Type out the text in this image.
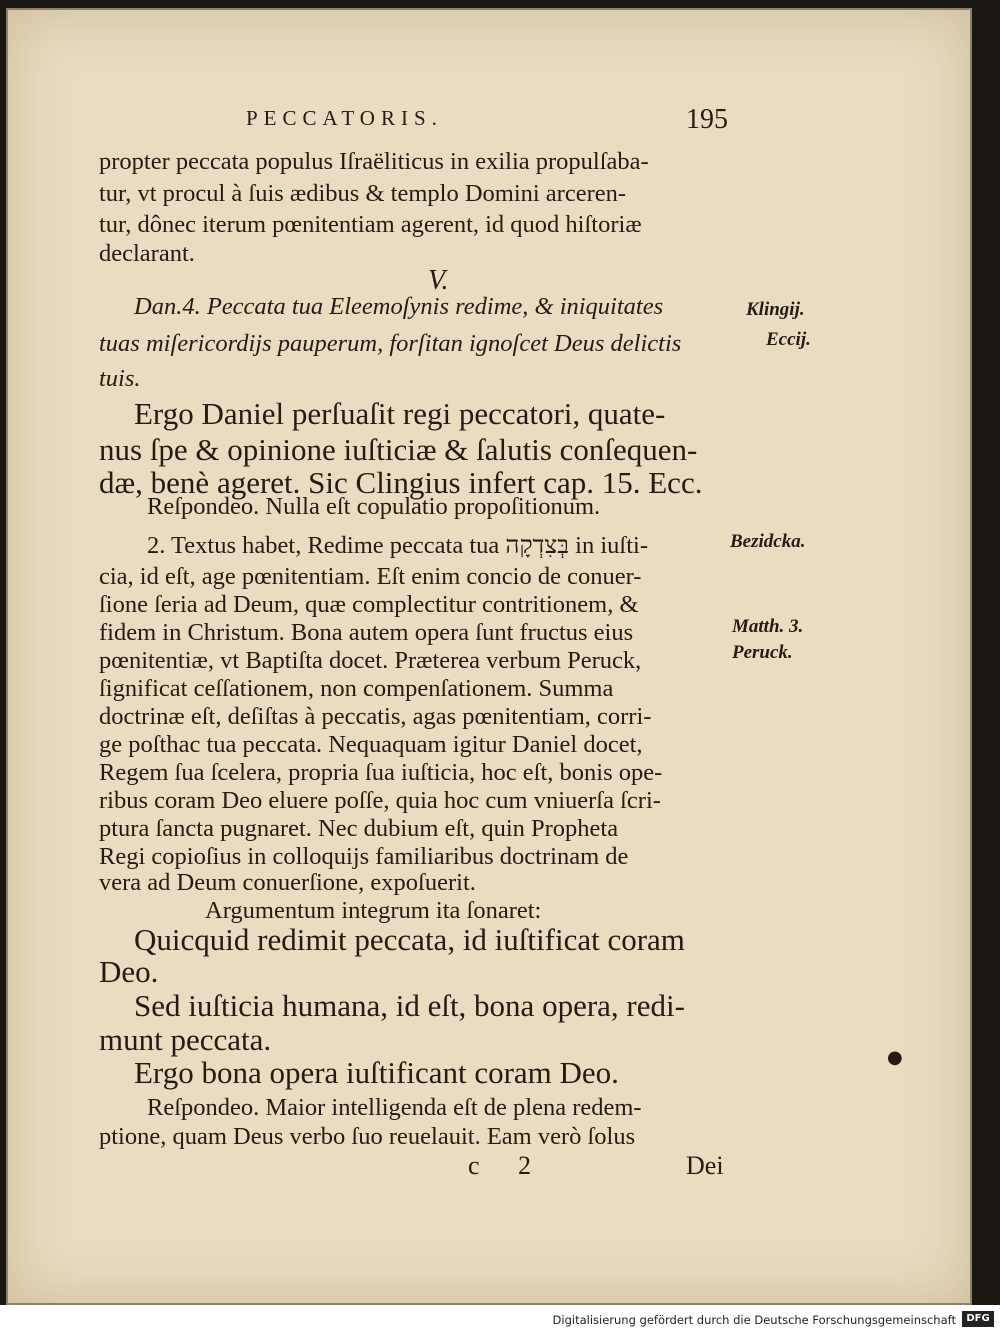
PECCATORIS.	195
propter peccata populus Iſraëliticus in exilia propulſaba-
tur, vt procul à ſuis ædibus & templo Domini arceren-
tur, dônec iterum pœnitentiam agerent, id quod hiſtoriæ
declarant.
V.
Dan.4. Peccata tua Eleemoſynis redime, & iniquitates
tuas miſericordijs pauperum, forſitan ignoſcet Deus delictis
tuis.
Ergo Daniel perſuaſit regi peccatori, quate-
nus ſpe & opinione iuſticiæ & ſalutis conſequen-
dæ, benè ageret. Sic Clingius infert cap. 15. Ecc.
Reſpondeo. Nulla eſt copulatio propoſitionum.
2. Textus habet, Redime peccata tua בְּצִדְקָה in iuſti-
cia, id eſt, age pœnitentiam. Eſt enim concio de conuer-
ſione ſeria ad Deum, quæ complectitur contritionem, &
fidem in Christum. Bona autem opera ſunt fructus eius
pœnitentiæ, vt Baptiſta docet. Præterea verbum Peruck,
ſignificat ceſſationem, non compenſationem. Summa
doctrinæ eſt, deſiſtas à peccatis, agas pœnitentiam, corri-
ge poſthac tua peccata. Nequaquam igitur Daniel docet,
Regem ſua ſcelera, propria ſua iuſticia, hoc eſt, bonis ope-
ribus coram Deo eluere poſſe, quia hoc cum vniuerſa ſcri-
ptura ſancta pugnaret. Nec dubium eſt, quin Propheta
Regi copioſius in colloquijs familiaribus doctrinam de
vera ad Deum conuerſione, expoſuerit.
Argumentum integrum ita ſonaret:
Quicquid redimit peccata, id iuſtificat coram
Deo.
Sed iuſticia humana, id eſt, bona opera, redi-
munt peccata.
Ergo bona opera iuſtificant coram Deo.
Reſpondeo. Maior intelligenda eſt de plena redem-
ptione, quam Deus verbo ſuo reuelauit. Eam verò ſolus
c 2	Dei
Klingij.
Eccij.
Bezidcka.
Matth. 3.
Peruck.
●
Digitalisierung gefördert durch die Deutsche Forschungsgemeinschaft	DFG
